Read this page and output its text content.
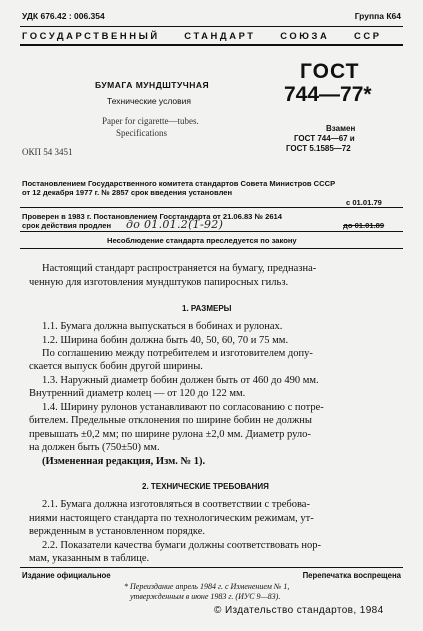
УДК 676.42 : 006.354	Группа К64
ГОСУДАРСТВЕННЫЙ   СТАНДАРТ   СОЮЗА   ССР
БУМАГА МУНДШТУЧНАЯ
Технические условия
Paper for cigarette—tubes.
Specifications
ОКП 54 3451
ГОСТ
744—77*
Взамен
ГОСТ 744—67 и
ГОСТ 5.1585—72
Постановлением Государственного комитета стандартов Совета Министров СССР
от 12 декабря 1977 г. № 2857 срок введения установлен
с 01.01.79
Проверен в 1983 г. Постановлением Госстандарта от 21.06.83 № 2614
срок действия продлен до 01.01.2(1-92)	до 01.01.89
Несоблюдение стандарта преследуется по закону
Настоящий стандарт распространяется на бумагу, предназна-
ченную для изготовления мундштуков папиросных гильз.
1. РАЗМЕРЫ
1.1. Бумага должна выпускаться в бобинах и рулонах.
1.2. Ширина бобин должна быть 40, 50, 60, 70 и 75 мм.
По соглашению между потребителем и изготовителем допу-
скается выпуск бобин другой ширины.
1.3. Наружный диаметр бобин должен быть от 460 до 490 мм.
Внутренний диаметр колец — от 120 до 122 мм.
1.4. Ширину рулонов устанавливают по согласованию с потре-
бителем. Предельные отклонения по ширине бобин не должны
превышать ±0,2 мм; по ширине рулона ±2,0 мм. Диаметр руло-
на должен быть (750±50) мм.
(Измененная редакция, Изм. № 1).
2. ТЕХНИЧЕСКИЕ ТРЕБОВАНИЯ
2.1. Бумага должна изготовляться в соответствии с требова-
ниями настоящего стандарта по технологическим режимам, ут-
вержденным в установленном порядке.
2.2. Показатели качества бумаги должны соответствовать нор-
мам, указанным в таблице.
Издание официальное	Перепечатка воспрещена
* Переиздание апрель 1984 г. с Изменением № 1,
утвержденным в июне 1983 г. (ИУС 9—83).
© Издательство стандартов, 1984
